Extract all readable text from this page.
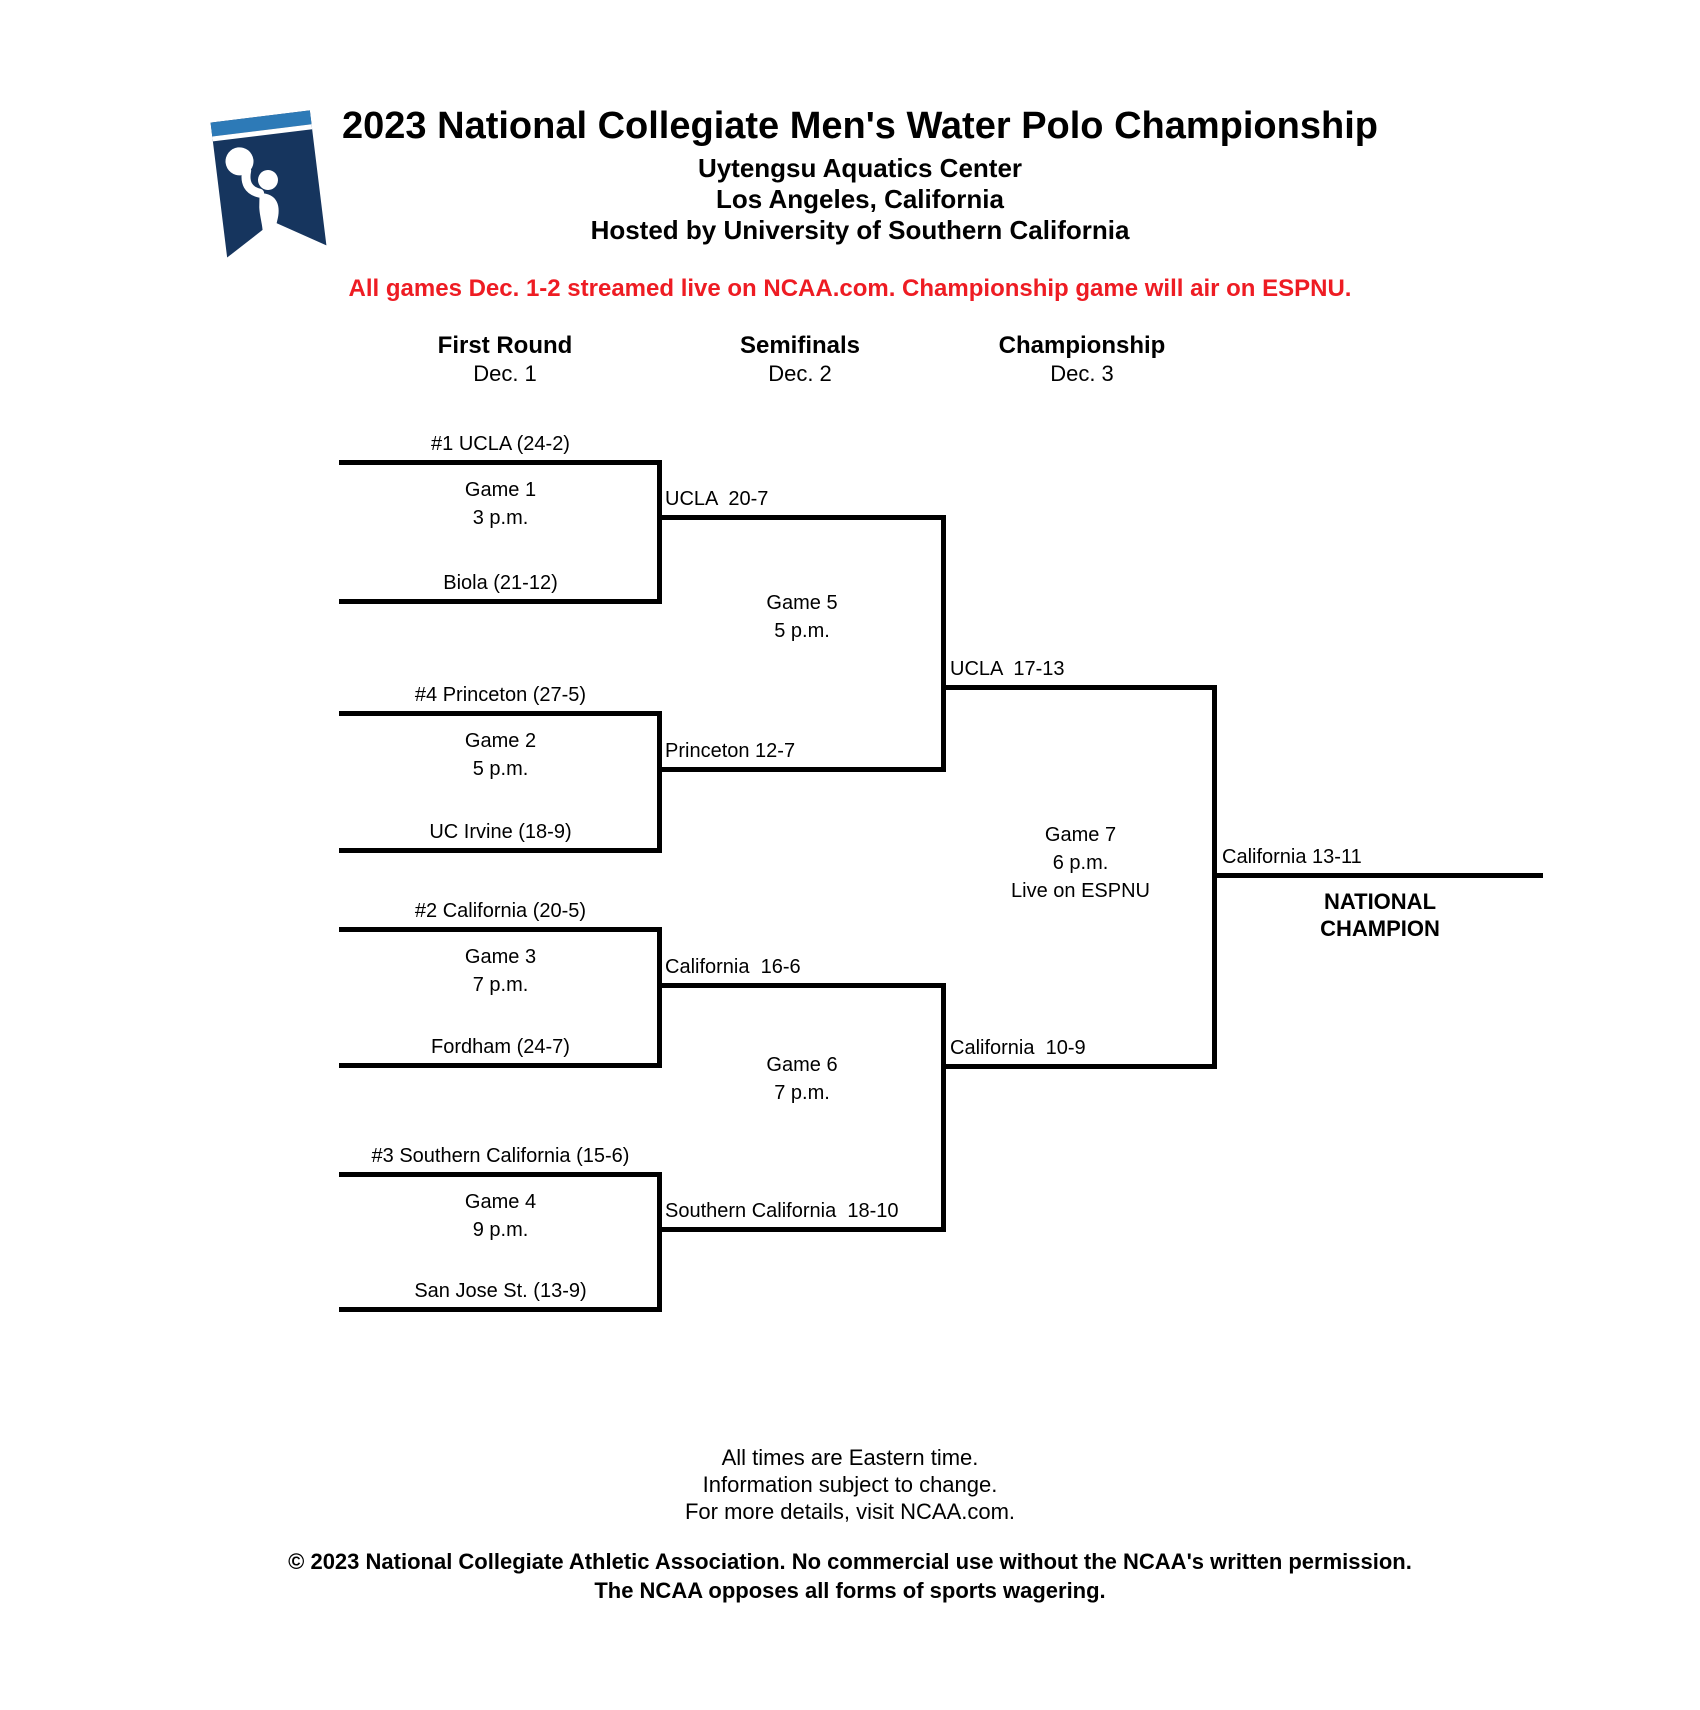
2023 National Collegiate Men's Water Polo Championship
Uytengsu Aquatics Center
Los Angeles, California
Hosted by University of Southern California
All games Dec. 1-2 streamed live on NCAA.com. Championship game will air on ESPNU.
First Round
Dec. 1
Semifinals
Dec. 2
Championship
Dec. 3
#1 UCLA (24-2)
Game 1
3 p.m.
Biola (21-12)
UCLA  20-7
#4 Princeton (27-5)
Game 2
5 p.m.
UC Irvine (18-9)
Princeton 12-7
#2 California (20-5)
Game 3
7 p.m.
Fordham (24-7)
California  16-6
#3 Southern California (15-6)
Game 4
9 p.m.
San Jose St. (13-9)
Southern California  18-10
Game 5
5 p.m.
UCLA  17-13
Game 6
7 p.m.
California  10-9
Game 7
6 p.m.
Live on ESPNU
California 13-11
NATIONAL
CHAMPION
All times are Eastern time.
Information subject to change.
For more details, visit NCAA.com.
© 2023 National Collegiate Athletic Association. No commercial use without the NCAA's written permission.
The NCAA opposes all forms of sports wagering.
